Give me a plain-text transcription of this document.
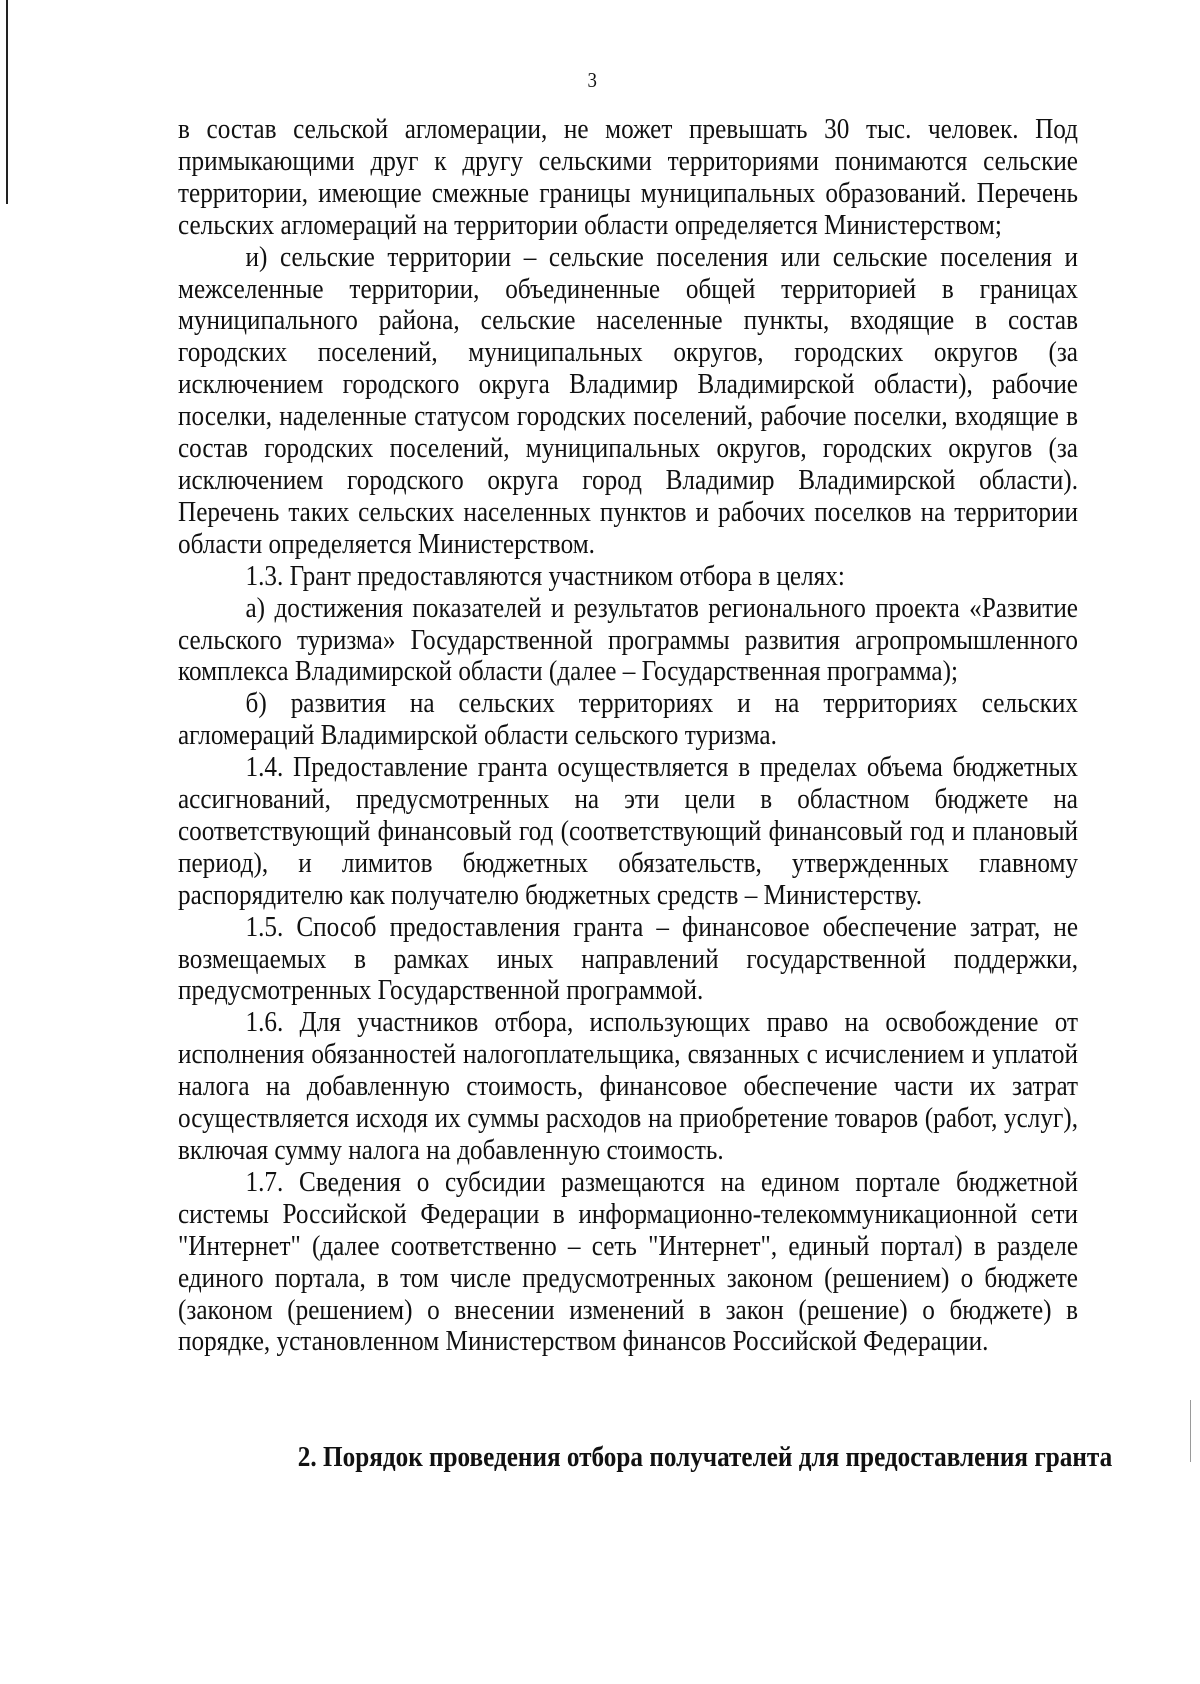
3

в состав сельской агломерации, не может превышать 30 тыс. человек. Под примыкающими друг к другу сельскими территориями понимаются сельские территории, имеющие смежные границы муниципальных образований. Перечень сельских агломераций на территории области определяется Министерством;

и) сельские территории – сельские поселения или сельские поселения и межселенные территории, объединенные общей территорией в границах муниципального района, сельские населенные пункты, входящие в состав городских поселений, муниципальных округов, городских округов (за исключением городского округа Владимир Владимирской области), рабочие поселки, наделенные статусом городских поселений, рабочие поселки, входящие в состав городских поселений, муниципальных округов, городских округов (за исключением городского округа город Владимир Владимирской области). Перечень таких сельских населенных пунктов и рабочих поселков на территории области определяется Министерством.

1.3. Грант предоставляются участником отбора в целях:

а) достижения показателей и результатов регионального проекта «Развитие сельского туризма» Государственной программы развития агропромышленного комплекса Владимирской области (далее – Государственная программа);

б) развития на сельских территориях и на территориях сельских агломераций Владимирской области сельского туризма.

1.4. Предоставление гранта осуществляется в пределах объема бюджетных ассигнований, предусмотренных на эти цели в областном бюджете на соответствующий финансовый год (соответствующий финансовый год и плановый период), и лимитов бюджетных обязательств, утвержденных главному распорядителю как получателю бюджетных средств – Министерству.

1.5. Способ предоставления гранта – финансовое обеспечение затрат, не возмещаемых в рамках иных направлений государственной поддержки, предусмотренных Государственной программой.

1.6. Для участников отбора, использующих право на освобождение от исполнения обязанностей налогоплательщика, связанных с исчислением и уплатой налога на добавленную стоимость, финансовое обеспечение части их затрат осуществляется исходя их суммы расходов на приобретение товаров (работ, услуг), включая сумму налога на добавленную стоимость.

1.7. Сведения о субсидии размещаются на едином портале бюджетной системы Российской Федерации в информационно-телекоммуникационной сети "Интернет" (далее соответственно – сеть "Интернет", единый портал) в разделе единого портала, в том числе предусмотренных законом (решением) о бюджете (законом (решением) о внесении изменений в закон (решение) о бюджете) в порядке, установленном Министерством финансов Российской Федерации.

2. Порядок проведения отбора получателей для предоставления гранта
